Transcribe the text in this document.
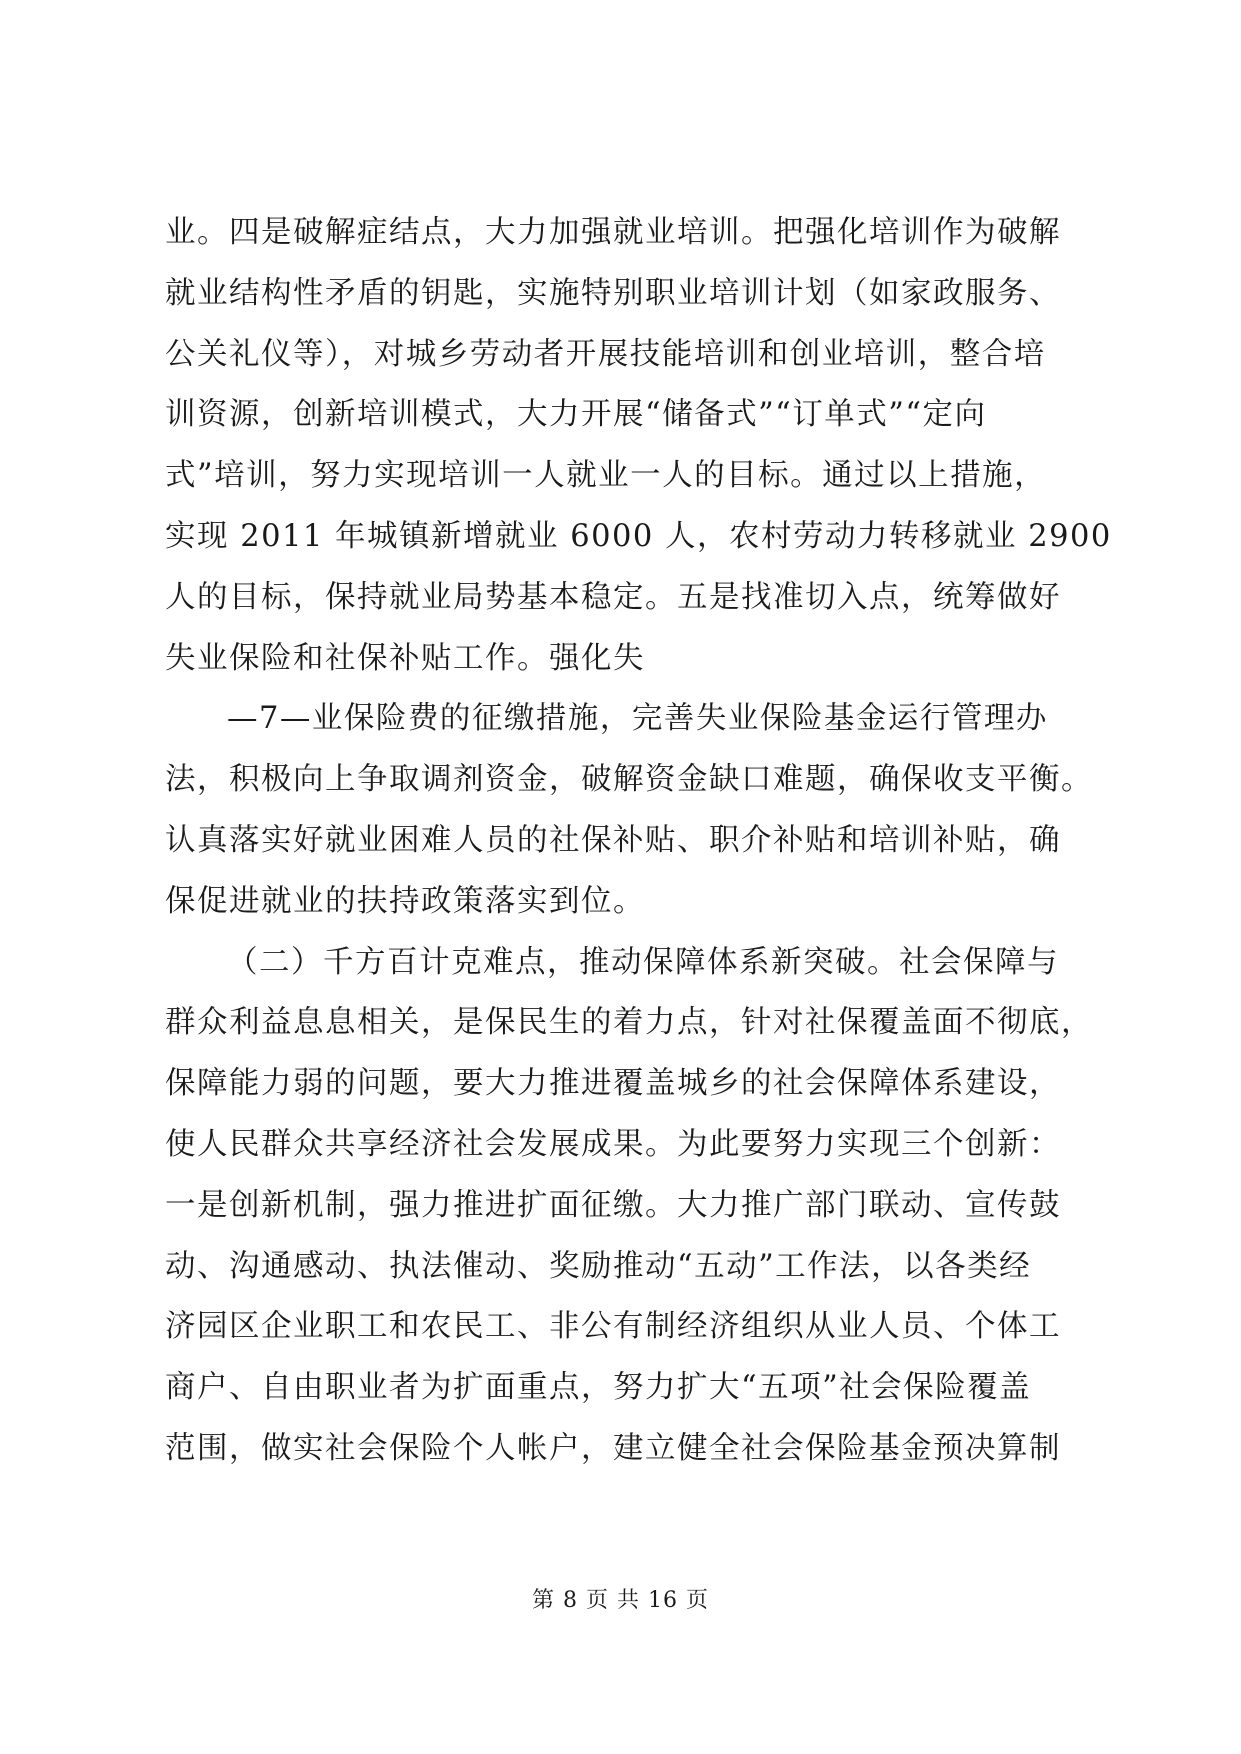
业。四是破解症结点，大力加强就业培训。把强化培训作为破解
就业结构性矛盾的钥匙，实施特别职业培训计划（如家政服务、
公关礼仪等），对城乡劳动者开展技能培训和创业培训，整合培
训资源，创新培训模式，大力开展“储备式”“订单式”“定向
式”培训，努力实现培训一人就业一人的目标。通过以上措施，
实现 2011 年城镇新增就业 6000 人，农村劳动力转移就业 2900
人的目标，保持就业局势基本稳定。五是找准切入点，统筹做好
失业保险和社保补贴工作。强化失
—7—业保险费的征缴措施，完善失业保险基金运行管理办
法，积极向上争取调剂资金，破解资金缺口难题，确保收支平衡。
认真落实好就业困难人员的社保补贴、职介补贴和培训补贴，确
保促进就业的扶持政策落实到位。
（二）千方百计克难点，推动保障体系新突破。社会保障与
群众利益息息相关，是保民生的着力点，针对社保覆盖面不彻底，
保障能力弱的问题，要大力推进覆盖城乡的社会保障体系建设，
使人民群众共享经济社会发展成果。为此要努力实现三个创新：
一是创新机制，强力推进扩面征缴。大力推广部门联动、宣传鼓
动、沟通感动、执法催动、奖励推动“五动”工作法，以各类经
济园区企业职工和农民工、非公有制经济组织从业人员、个体工
商户、自由职业者为扩面重点，努力扩大“五项”社会保险覆盖
范围，做实社会保险个人帐户，建立健全社会保险基金预决算制
第 8 页 共 16 页
